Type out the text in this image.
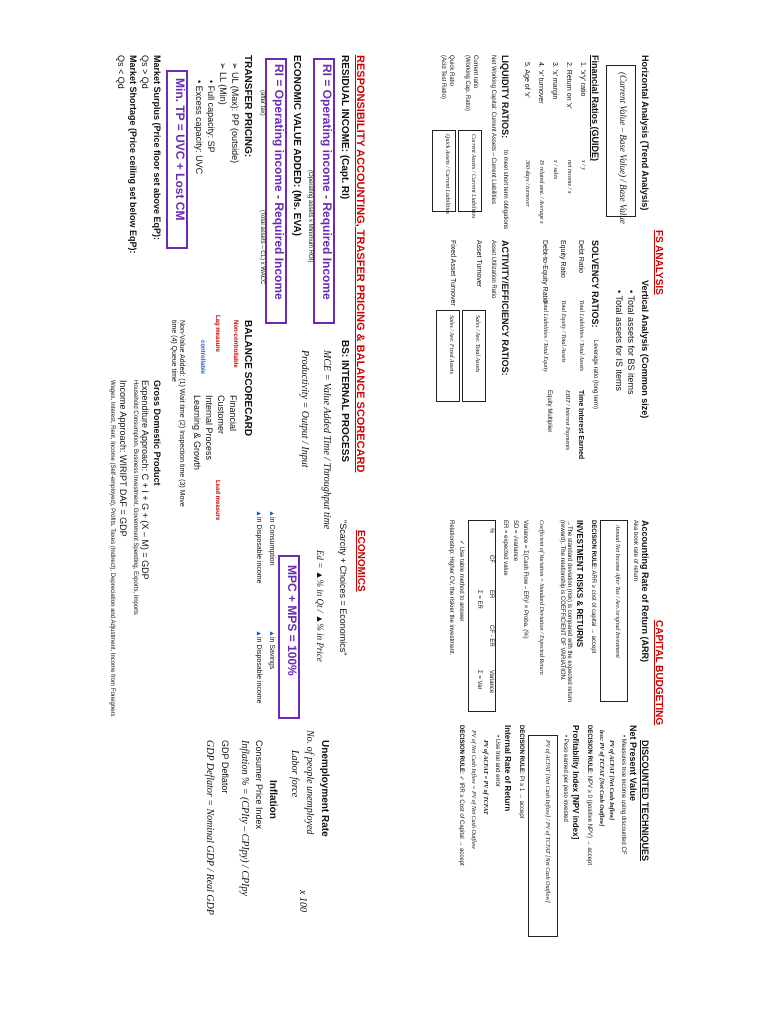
RESPONSIBILITY ACCOUNTING, TRASFER PRICING & BALANCE SCORECARD
RESIDUAL INCOME: (Capt. RI)
RI = Operating income - Required Income
(Operating assets x Minimum ROI)
ECONOMIC VALUE ADDED: (Ms. EVA)
RI = Operating income - Required Income
(after tax)
(Total assets – CL) x WACC
TRANSFER PRICING:
➢ UL (Max): PP (outside)
➢ LL (Min)
• Full capacity: SP
• Excess capacity: UVC
Min. TP = UVC + Lost CM
BS: INTERNAL PROCESS
MCE = Value Added Time / Throughput time
Productivity = Output / Input
BALANCE SCORECARD
Financial
Customer
Internal Process
Learning & Growth
Non-controllable
Lag measure
controllable
Lead measure
Non-Value Added: (1) Wait time (2) Inspection time (3) Move time (4) Queue time
ECONOMICS
"Scarcity + Choices = Economics"
Ed = ▲% in Qt / ▲% in Price
MPC + MPS = 100%
▲in Consumption
▲in Disposable income
▲in Savings
▲in Disposable income
Unemployment Rate
No. of people unemployed
Labor force
x 100
Inflation
Consumer Price Index
Inflation % = (CPIty – CPIpy) / CPIpy
GDP Deflator
GDP Deflator = Nominal GDP / Real GDP
Market Surplus (Price floor set above EqP):
Qs > Qd
Market Shortage (Price ceiling set below EqP):
Qs < Qd
Gross Domestic Product
Expenditure Approach: C + I + G + (X – M) = GDP
Household Consumption, Business Investment, Government Spending, Exports, Imports
Income Approach: WIRIPT DAF = GDP
Wages, Interest, Rent, Income (Self-employed), Profits, Taxes (Indirect), Depreciation and Adjustment, Income from Foreigners
FS ANALYSIS
Horizontal Analysis (Trend Analysis)
(Current Value – Base Value) / Base Value
Vertical Analysis (Common size)
• Total assets for BS items
• Total assets for IS items
Financial Ratios (GUIDE)
1. 'x'y' ratio
2. Return on 'x'
3. 'x' margin
4. 'x' turnover
5. Age of 'x'
x / y
net income / x
x / sales
IS related amt. / Average x
360 days / turnover
SOLVENCY RATIOS:
Leverage ratio (long term)
Debt Ratio
Equity Ratio
Debt-to-Equity Ratio
Total Liabilities / Total Assets
Total Equity / Total Assets
Total Liabilities / Total Equity
Time Interest Earned
EBIT / Interest Payments
Equity Multiplier
LIQUIDITY RATIOS:
to meet short term obligations
Net Working Capital: Current Assets – Current Liabilities
Current ratio
(Working Cap. Ratio)
Quick Ratio
(Acid Test Ratio)
Current Assets / Current Liabilities
Quick Assets / Current Liabilities
ACTIVITY/EFFICIENCY RATIOS:
Asset Utilization Ratio
Asset Turnover
Fixed Asset Turnover
Sales / Ave. Total Assets
Sales / Ave. Fixed Assets
CAPITAL BUDGETING
Accounting Rate of Return (ARR)
Aka book rate of return
Annual Net Income After Tax / Ave./original Investment
DECISION RULE: ARR ≥ cost of capital → accept
INVESTMENT RISKS & RETURNS
→The standard deviation (risk) is compared with the expected return (reward). The relationship is COEFFICIENT OF VARIATION.
Coefficient of Variation = Standard Deviation / Expected Return
Variance = Σ(Cash Flow – ER)² × Proba. (%)
SD = √variance
ER = expected value
%
CF
ER
CF - ER
Variance
Σ = ER
Σ = Var
✓ Use table method to answer
Relationship: Higher CV, the riskier the investment.
DISCOUNTED TECHNIQUES
Net Present Value
• Measures true income using discounted CF
PV of ACFAT [Net Cash Inflow]
less: PV of TCFAT [Net Cash Outflow]
DECISION RULE: NPV ≥ 0 (positive NPV) → accept
Profitability Index [NPV index]
• Peso earned per peso invested
PV of ACFAT [Net Cash Inflow] / PV of TCFAT [Net Cash Outflow]
DECISION RULE: PI ≥ 1 → accept
Internal Rate of Return
• Use trial and error
PV of ACFAT = PV of TCFAT
PV of Net Cash Inflow = PV of Net Cash Outflow
DECISION RULE: ✓ IRR ≥ Cost of Capital → accept
